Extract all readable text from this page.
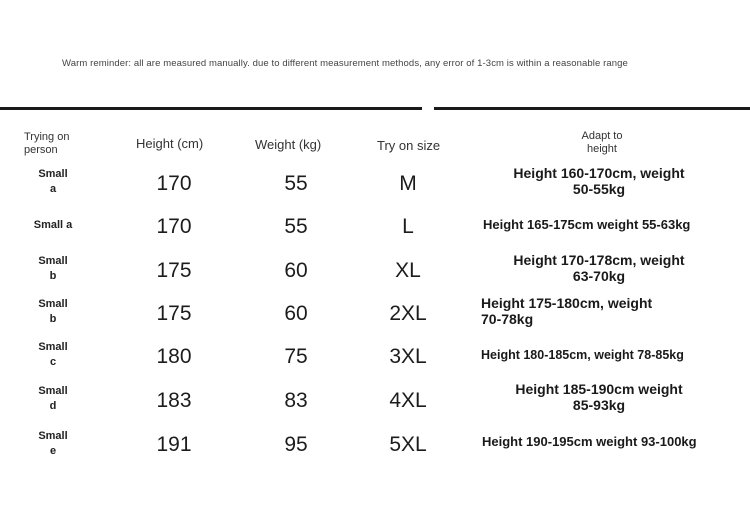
Warm reminder: all are measured manually. due to different measurement methods, any error of 1-3cm is within a reasonable range
Trying on
person	Height (cm)	Weight (kg)	Try on size
Adapt to
height
Small
a	170	55	M	Height 160-170cm, weight
50-55kg
Small a	170	55	L	Height 165-175cm weight 55-63kg
Small
b	175	60	XL	Height 170-178cm, weight
63-70kg
Small
b	175	60	2XL	Height 175-180cm, weight
70-78kg
Small
c	180	75	3XL	Height 180-185cm, weight 78-85kg
Small
d	183	83	4XL	Height 185-190cm weight
85-93kg
Small
e	191	95	5XL	Height 190-195cm weight 93-100kg
